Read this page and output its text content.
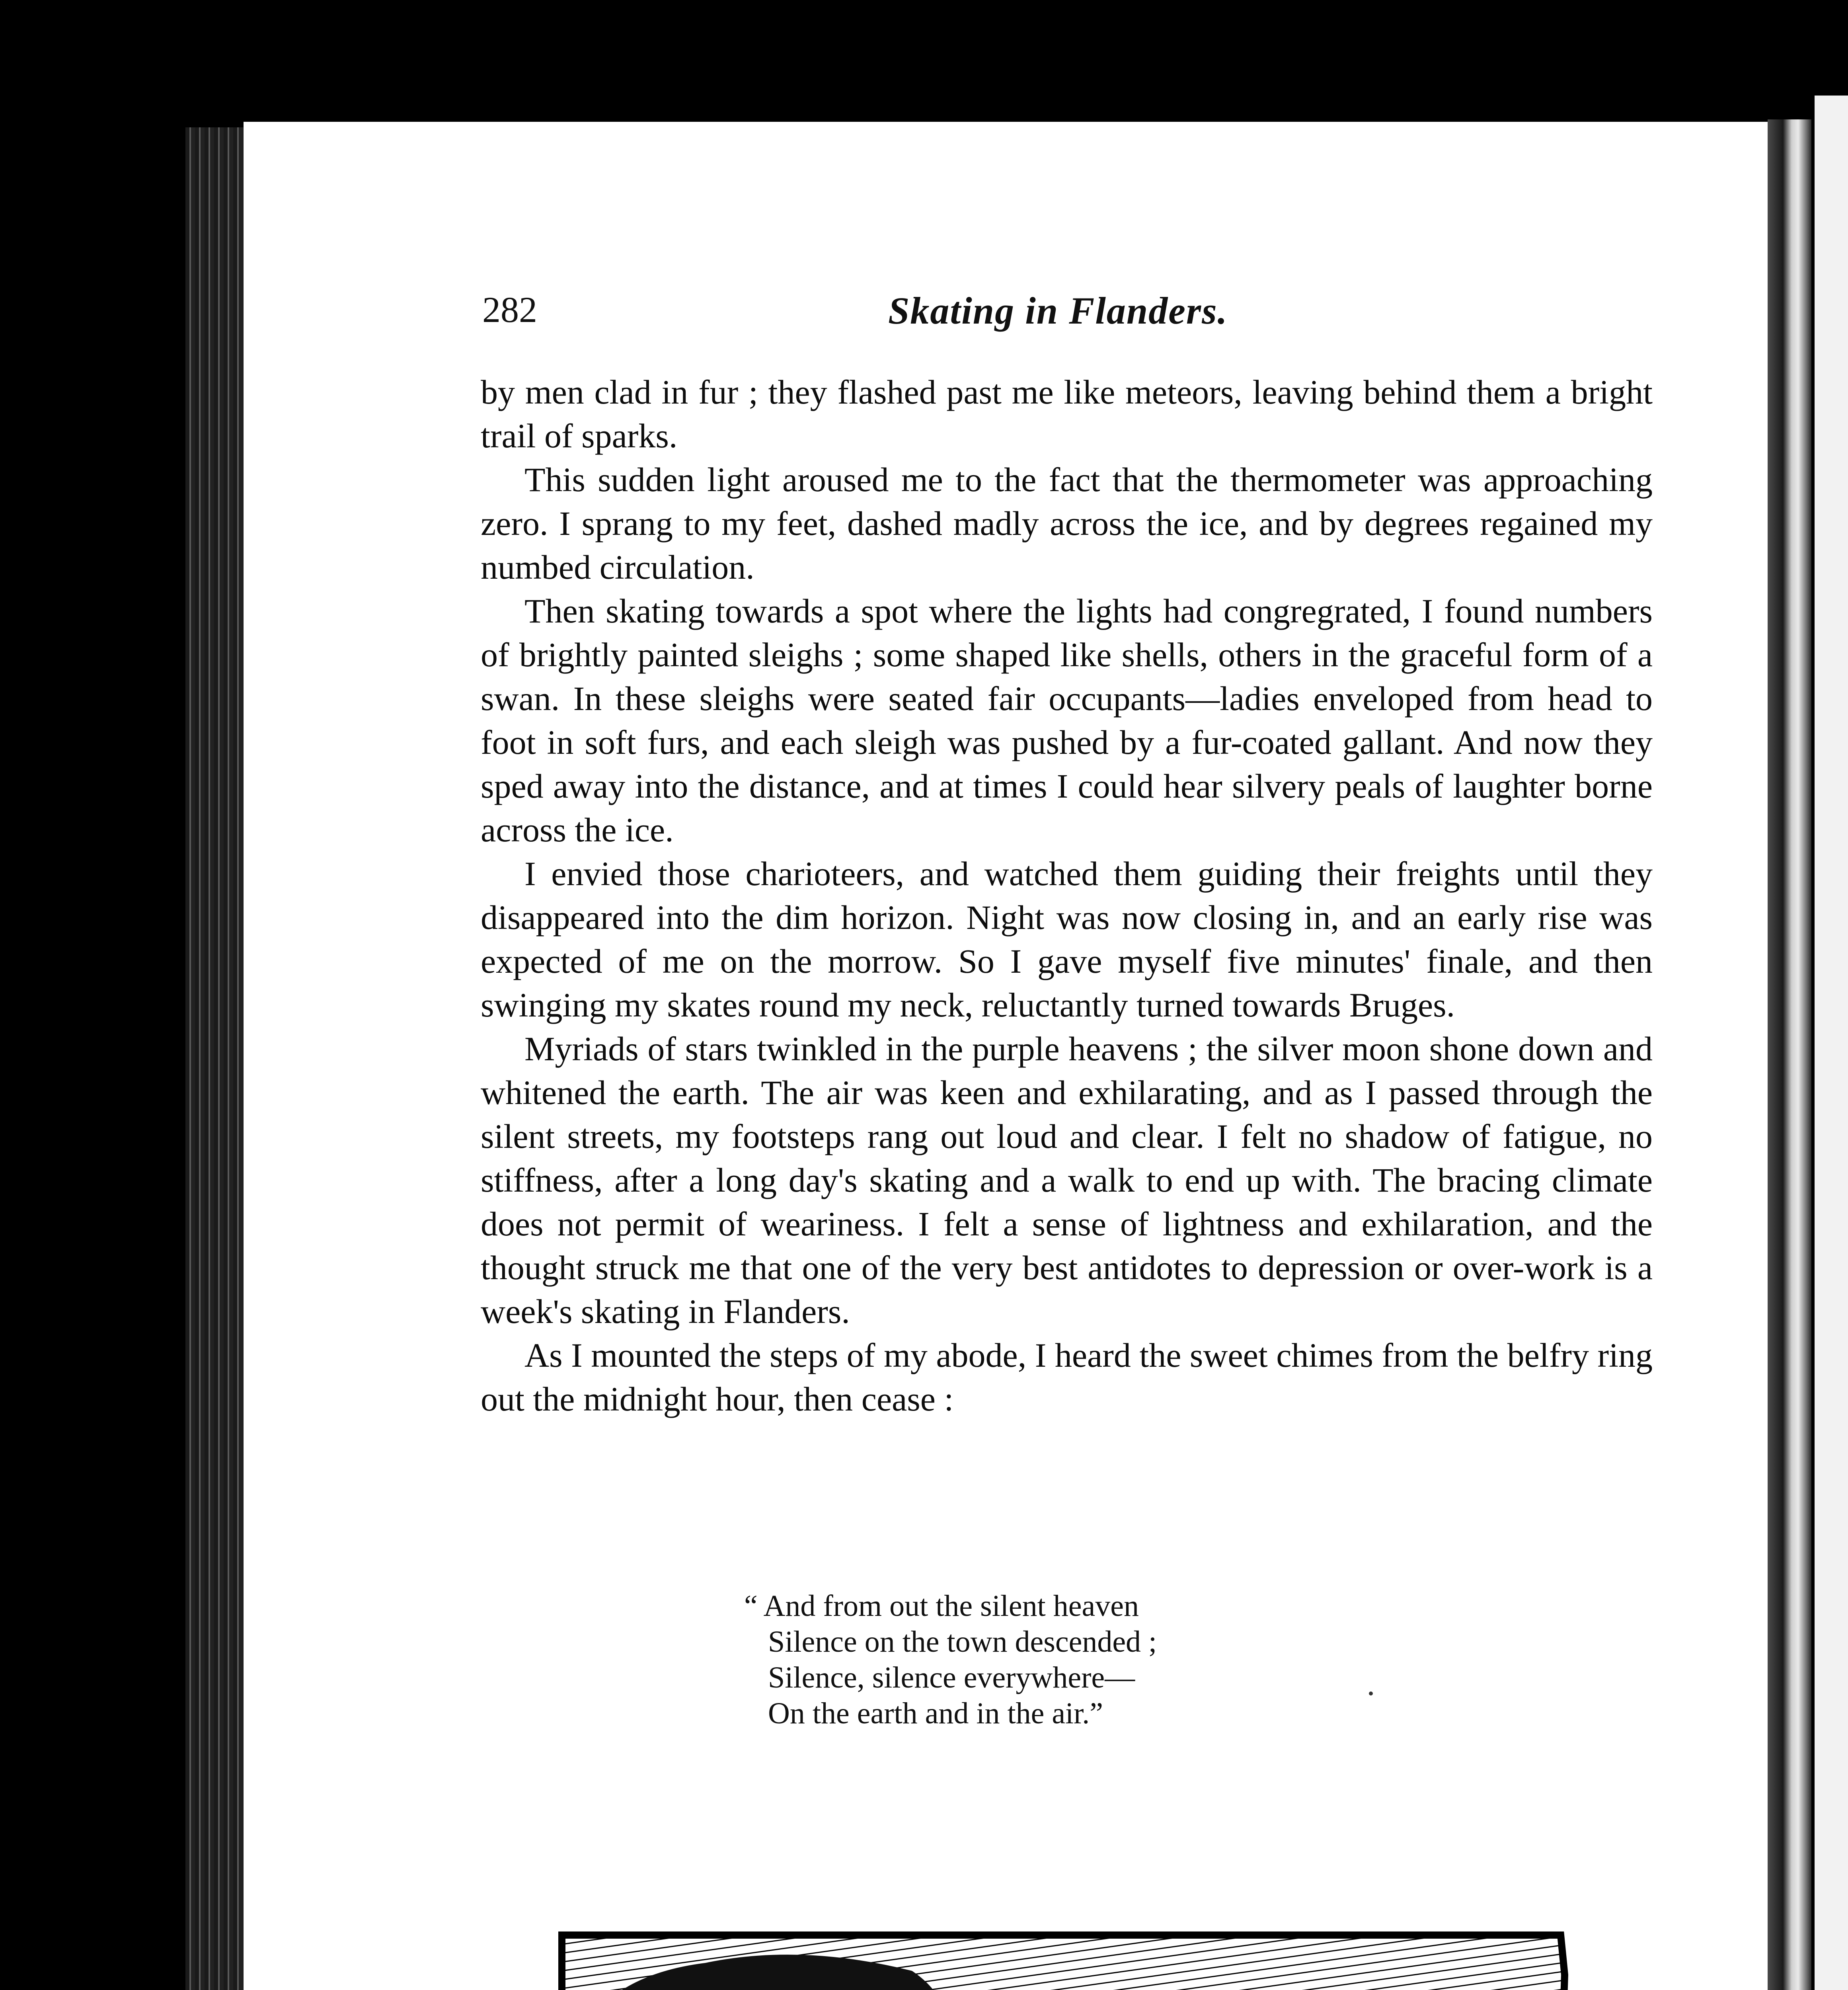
282	Skating in Flanders.

by men clad in fur ; they flashed past me like meteors, leaving behind them a bright trail of sparks.

This sudden light aroused me to the fact that the thermometer was approaching zero. I sprang to my feet, dashed madly across the ice, and by degrees regained my numbed circulation.

Then skating towards a spot where the lights had congregrated, I found numbers of brightly painted sleighs ; some shaped like shells, others in the graceful form of a swan. In these sleighs were seated fair occupants—ladies enveloped from head to foot in soft furs, and each sleigh was pushed by a fur-coated gallant. And now they sped away into the distance, and at times I could hear silvery peals of laughter borne across the ice.

I envied those charioteers, and watched them guiding their freights until they disappeared into the dim horizon. Night was now closing in, and an early rise was expected of me on the morrow. So I gave myself five minutes' finale, and then swinging my skates round my neck, reluctantly turned towards Bruges.

Myriads of stars twinkled in the purple heavens ; the silver moon shone down and whitened the earth. The air was keen and exhilarating, and as I passed through the silent streets, my footsteps rang out loud and clear. I felt no shadow of fatigue, no stiffness, after a long day's skating and a walk to end up with. The bracing climate does not permit of weariness. I felt a sense of lightness and exhilaration, and the thought struck me that one of the very best antidotes to depression or over-work is a week's skating in Flanders.

As I mounted the steps of my abode, I heard the sweet chimes from the belfry ring out the midnight hour, then cease :

“ And from out the silent heaven
Silence on the town descended ;
Silence, silence everywhere—
On the earth and in the air.”
